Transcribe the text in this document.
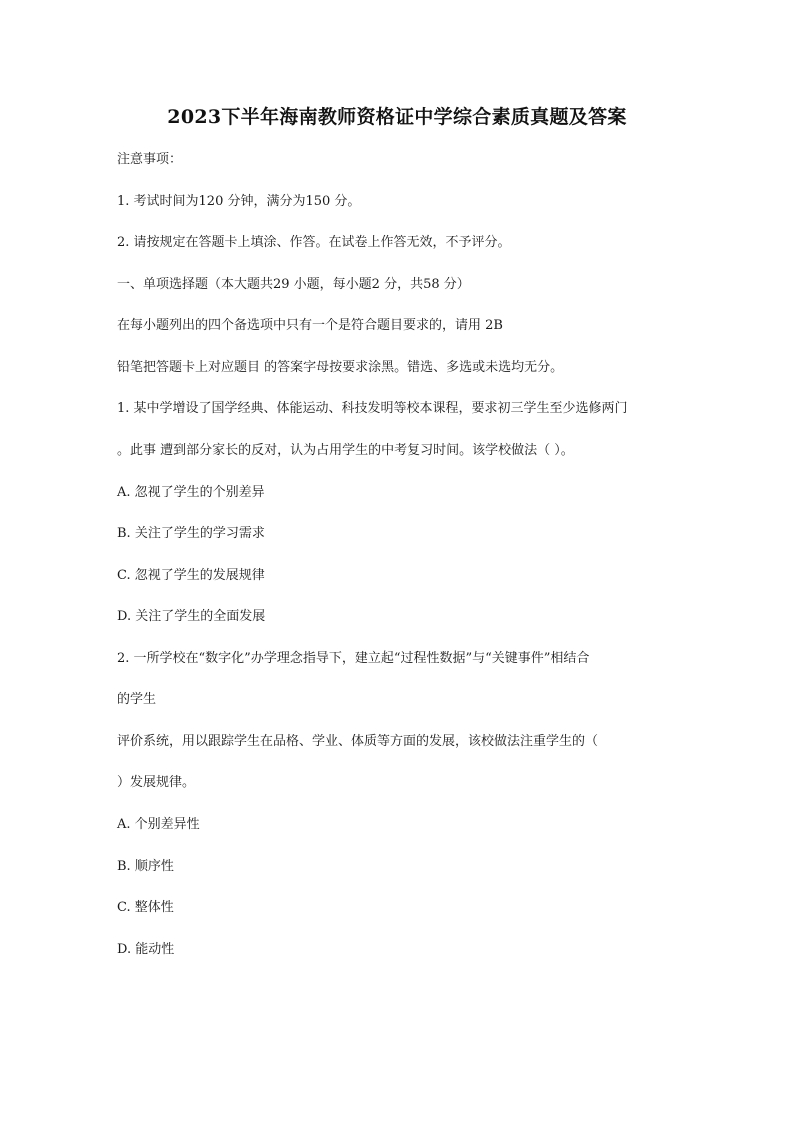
2023下半年海南教师资格证中学综合素质真题及答案
注意事项：
1. 考试时间为120 分钟，满分为150 分。
2. 请按规定在答题卡上填涂、作答。在试卷上作答无效，不予评分。
一、单项选择题（本大题共29 小题，每小题2 分，共58 分）
在每小题列出的四个备选项中只有一个是符合题目要求的，请用 2B
铅笔把答题卡上对应题目 的答案字母按要求涂黑。错选、多选或未选均无分。
1. 某中学增设了国学经典、体能运动、科技发明等校本课程，要求初三学生至少选修两门
。此事 遭到部分家长的反对，认为占用学生的中考复习时间。该学校做法（ ）。
A. 忽视了学生的个别差异
B. 关注了学生的学习需求
C. 忽视了学生的发展规律
D. 关注了学生的全面发展
2. 一所学校在“数字化”办学理念指导下，建立起“过程性数据”与“关键事件”相结合
的学生
评价系统，用以跟踪学生在品格、学业、体质等方面的发展，该校做法注重学生的（
）发展规律。
A. 个别差异性
B. 顺序性
C. 整体性
D. 能动性
